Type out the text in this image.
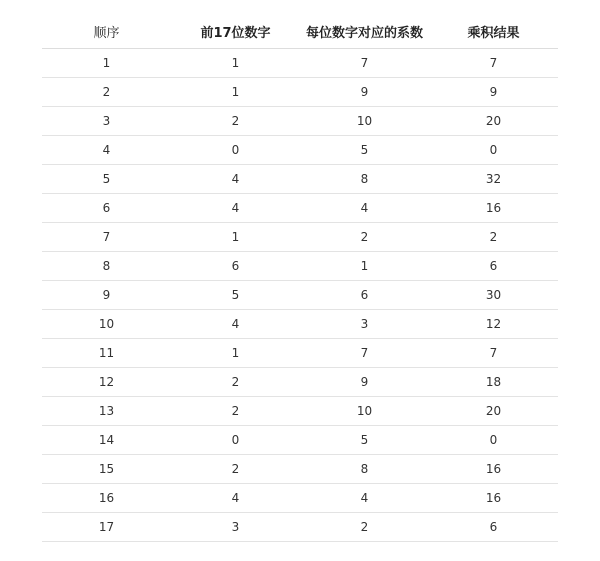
顺序	前17位数字	每位数字对应的系数	乘积结果
1	1	7	7
2	1	9	9
3	2	10	20
4	0	5	0
5	4	8	32
6	4	4	16
7	1	2	2
8	6	1	6
9	5	6	30
10	4	3	12
11	1	7	7
12	2	9	18
13	2	10	20
14	0	5	0
15	2	8	16
16	4	4	16
17	3	2	6
